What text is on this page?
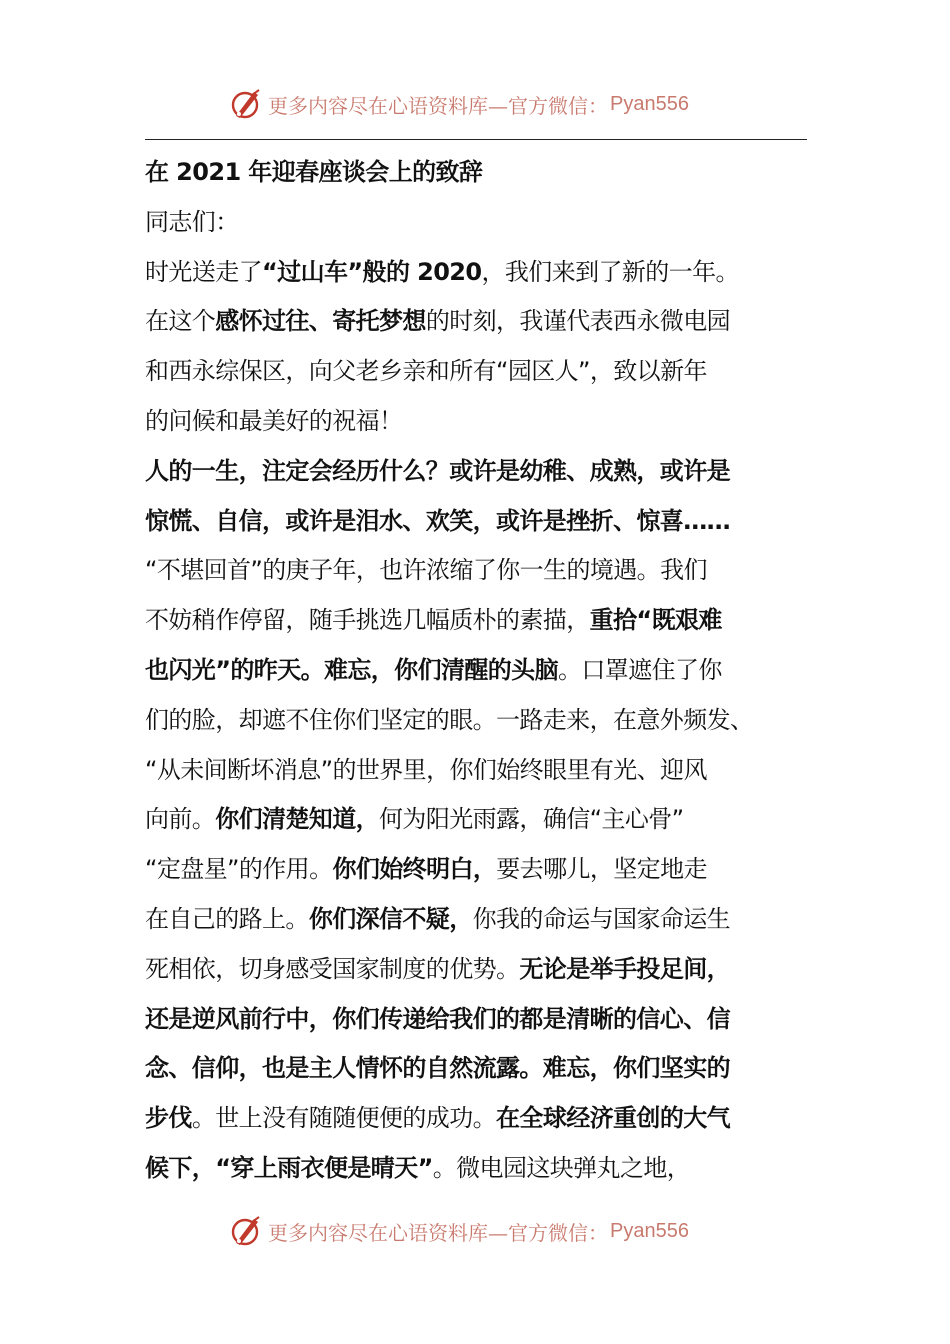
更多内容尽在心语资料库—官方微信： Pyan556

在 2021 年迎春座谈会上的致辞

同志们：

时光送走了“过山车”般的 2020，我们来到了新的一年。

在这个感怀过往、寄托梦想的时刻，我谨代表西永微电园

和西永综保区，向父老乡亲和所有“园区人”，致以新年

的问候和最美好的祝福！

人的一生，注定会经历什么？或许是幼稚、成熟，或许是

惊慌、自信，或许是泪水、欢笑，或许是挫折、惊喜……

“不堪回首”的庚子年，也许浓缩了你一生的境遇。我们

不妨稍作停留，随手挑选几幅质朴的素描，重拾“既艰难

也闪光”的昨天。难忘，你们清醒的头脑。口罩遮住了你

们的脸，却遮不住你们坚定的眼。一路走来，在意外频发、

“从未间断坏消息”的世界里，你们始终眼里有光、迎风

向前。你们清楚知道，何为阳光雨露，确信“主心骨”

“定盘星”的作用。你们始终明白，要去哪儿，坚定地走

在自己的路上。你们深信不疑，你我的命运与国家命运生

死相依，切身感受国家制度的优势。无论是举手投足间，

还是逆风前行中，你们传递给我们的都是清晰的信心、信

念、信仰，也是主人情怀的自然流露。难忘，你们坚实的

步伐。世上没有随随便便的成功。在全球经济重创的大气

候下，“穿上雨衣便是晴天”。微电园这块弹丸之地，

更多内容尽在心语资料库—官方微信： Pyan556
